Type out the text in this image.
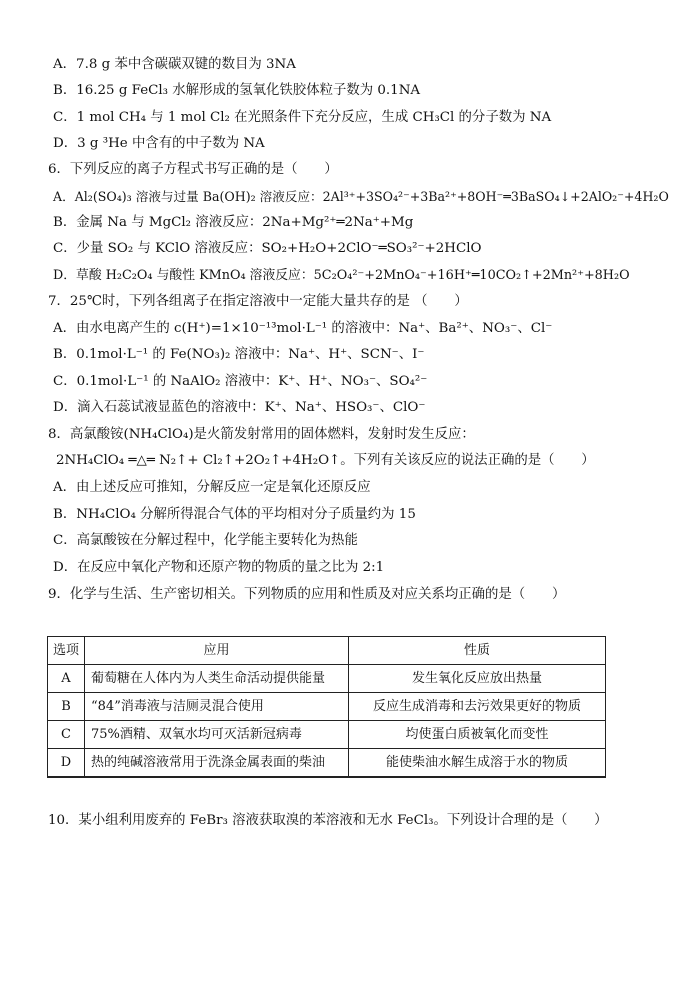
A．7.8 g 苯中含碳碳双键的数目为 3NA
B．16.25 g FeCl₃ 水解形成的氢氧化铁胶体粒子数为 0.1NA
C．1 mol CH₄ 与 1 mol Cl₂ 在光照条件下充分反应，生成 CH₃Cl 的分子数为 NA
D．3 g ³He 中含有的中子数为 NA
6．下列反应的离子方程式书写正确的是（　　）
A．Al₂(SO₄)₃ 溶液与过量 Ba(OH)₂ 溶液反应：2Al³⁺+3SO₄²⁻+3Ba²⁺+8OH⁻═3BaSO₄↓+2AlO₂⁻+4H₂O
B．金属 Na 与 MgCl₂ 溶液反应：2Na+Mg²⁺═2Na⁺+Mg
C．少量 SO₂ 与 KClO 溶液反应：SO₂+H₂O+2ClO⁻═SO₃²⁻+2HClO
D．草酸 H₂C₂O₄ 与酸性 KMnO₄ 溶液反应：5C₂O₄²⁻+2MnO₄⁻+16H⁺═10CO₂↑+2Mn²⁺+8H₂O
7．25℃时，下列各组离子在指定溶液中一定能大量共存的是 （　　）
A．由水电离产生的 c(H⁺)=1×10⁻¹³mol·L⁻¹ 的溶液中：Na⁺、Ba²⁺、NO₃⁻、Cl⁻
B．0.1mol·L⁻¹ 的 Fe(NO₃)₂ 溶液中：Na⁺、H⁺、SCN⁻、I⁻
C．0.1mol·L⁻¹ 的 NaAlO₂ 溶液中：K⁺、H⁺、NO₃⁻、SO₄²⁻
D．滴入石蕊试液显蓝色的溶液中：K⁺、Na⁺、HSO₃⁻、ClO⁻
8．高氯酸铵(NH₄ClO₄)是火箭发射常用的固体燃料，发射时发生反应：
2NH₄ClO₄ ═△═ N₂↑+ Cl₂↑+2O₂↑+4H₂O↑。下列有关该反应的说法正确的是（　　）
A．由上述反应可推知，分解反应一定是氧化还原反应
B．NH₄ClO₄ 分解所得混合气体的平均相对分子质量约为 15
C．高氯酸铵在分解过程中，化学能主要转化为热能
D．在反应中氧化产物和还原产物的物质的量之比为 2:1
9．化学与生活、生产密切相关。下列物质的应用和性质及对应关系均正确的是（　　）
选项	应用	性质
A	葡萄糖在人体内为人类生命活动提供能量	发生氧化反应放出热量
B	“84”消毒液与洁厕灵混合使用	反应生成消毒和去污效果更好的物质
C	75%酒精、双氧水均可灭活新冠病毒	均使蛋白质被氧化而变性
D	热的纯碱溶液常用于洗涤金属表面的柴油	能使柴油水解生成溶于水的物质
10．某小组利用废弃的 FeBr₃ 溶液获取溴的苯溶液和无水 FeCl₃。下列设计合理的是（　　）
